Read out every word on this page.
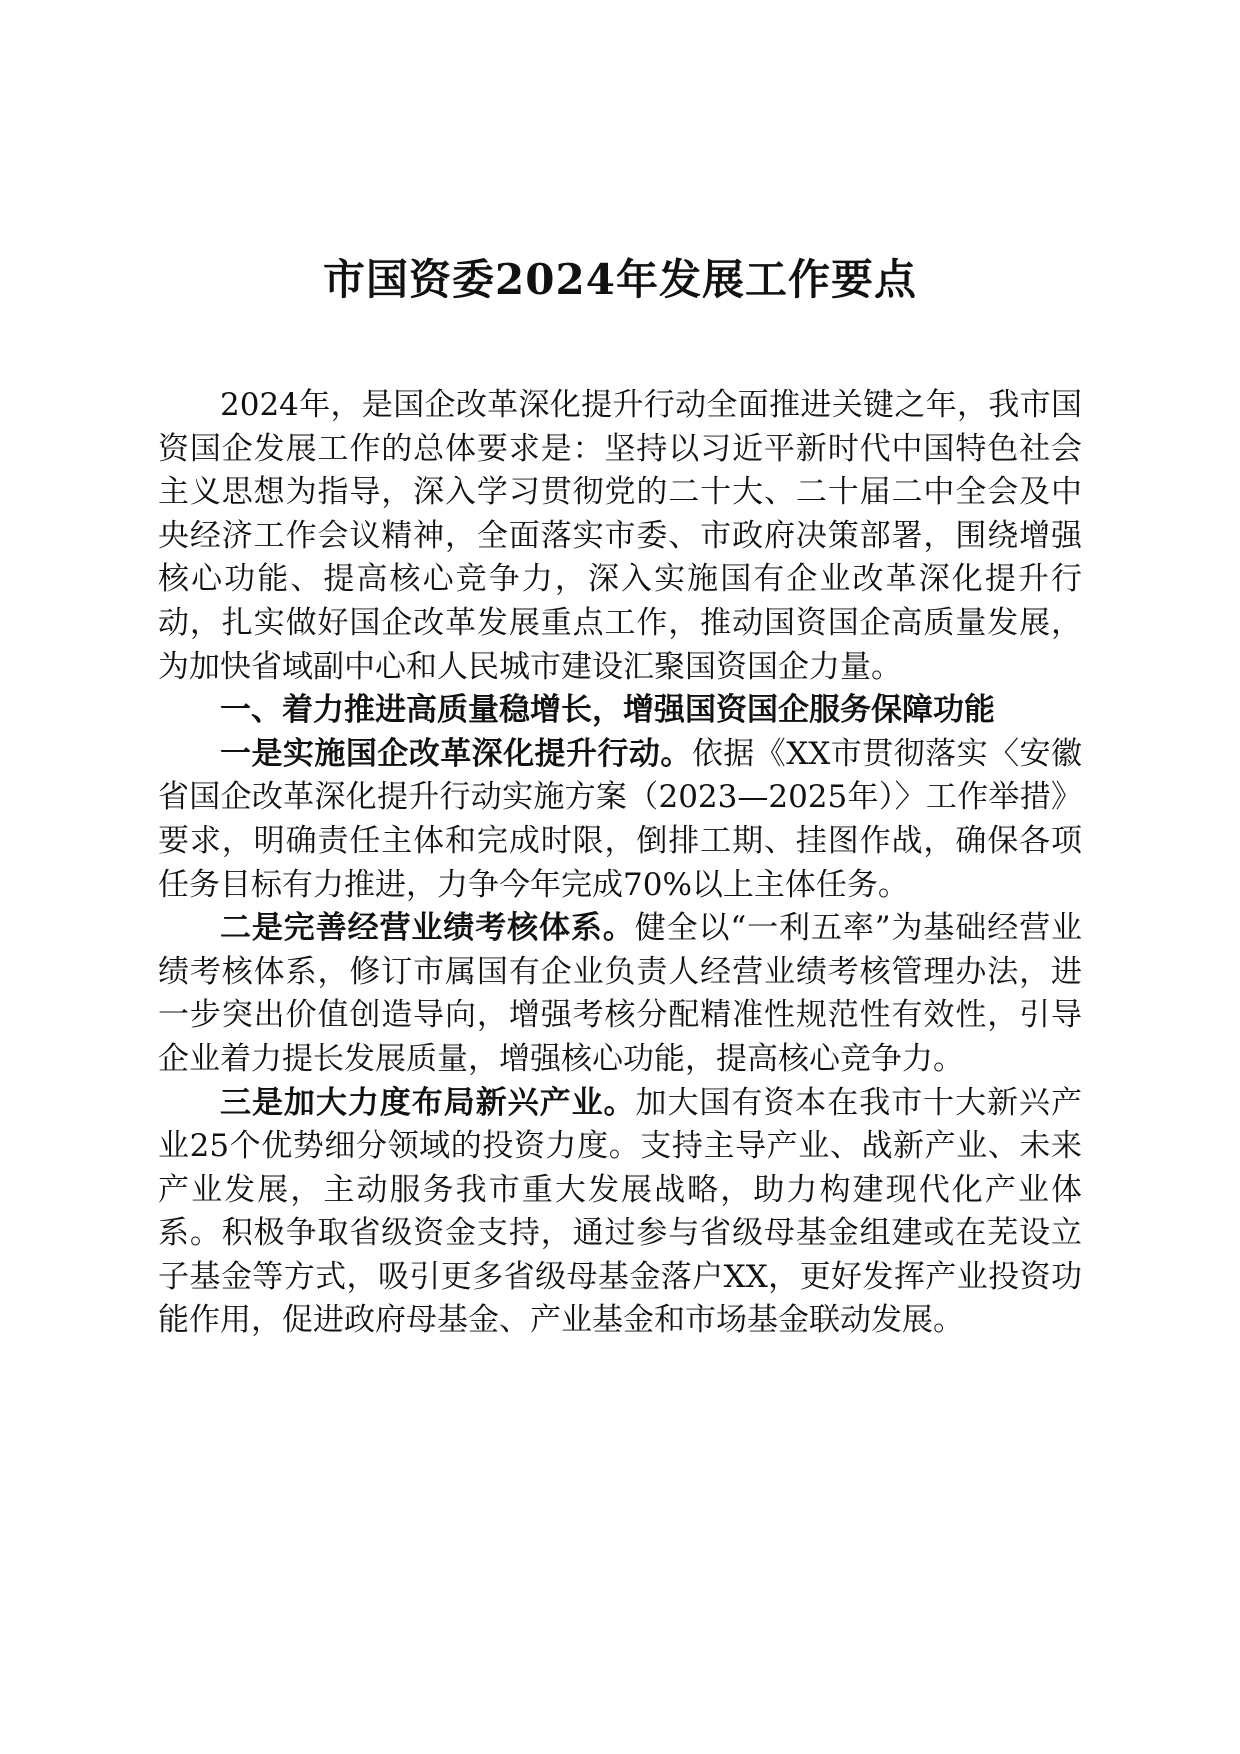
市国资委2024年发展工作要点

2024年，是国企改革深化提升行动全面推进关键之年，我市国资国企发展工作的总体要求是：坚持以习近平新时代中国特色社会主义思想为指导，深入学习贯彻党的二十大、二十届二中全会及中央经济工作会议精神，全面落实市委、市政府决策部署，围绕增强核心功能、提高核心竞争力，深入实施国有企业改革深化提升行动，扎实做好国企改革发展重点工作，推动国资国企高质量发展，为加快省域副中心和人民城市建设汇聚国资国企力量。

一、着力推进高质量稳增长，增强国资国企服务保障功能

一是实施国企改革深化提升行动。依据《XX市贯彻落实〈安徽省国企改革深化提升行动实施方案（2023—2025年）〉工作举措》要求，明确责任主体和完成时限，倒排工期、挂图作战，确保各项任务目标有力推进，力争今年完成70%以上主体任务。

二是完善经营业绩考核体系。健全以“一利五率”为基础经营业绩考核体系，修订市属国有企业负责人经营业绩考核管理办法，进一步突出价值创造导向，增强考核分配精准性规范性有效性，引导企业着力提长发展质量，增强核心功能，提高核心竞争力。

三是加大力度布局新兴产业。加大国有资本在我市十大新兴产业25个优势细分领域的投资力度。支持主导产业、战新产业、未来产业发展，主动服务我市重大发展战略，助力构建现代化产业体系。积极争取省级资金支持，通过参与省级母基金组建或在芜设立子基金等方式，吸引更多省级母基金落户XX，更好发挥产业投资功能作用，促进政府母基金、产业基金和市场基金联动发展。
